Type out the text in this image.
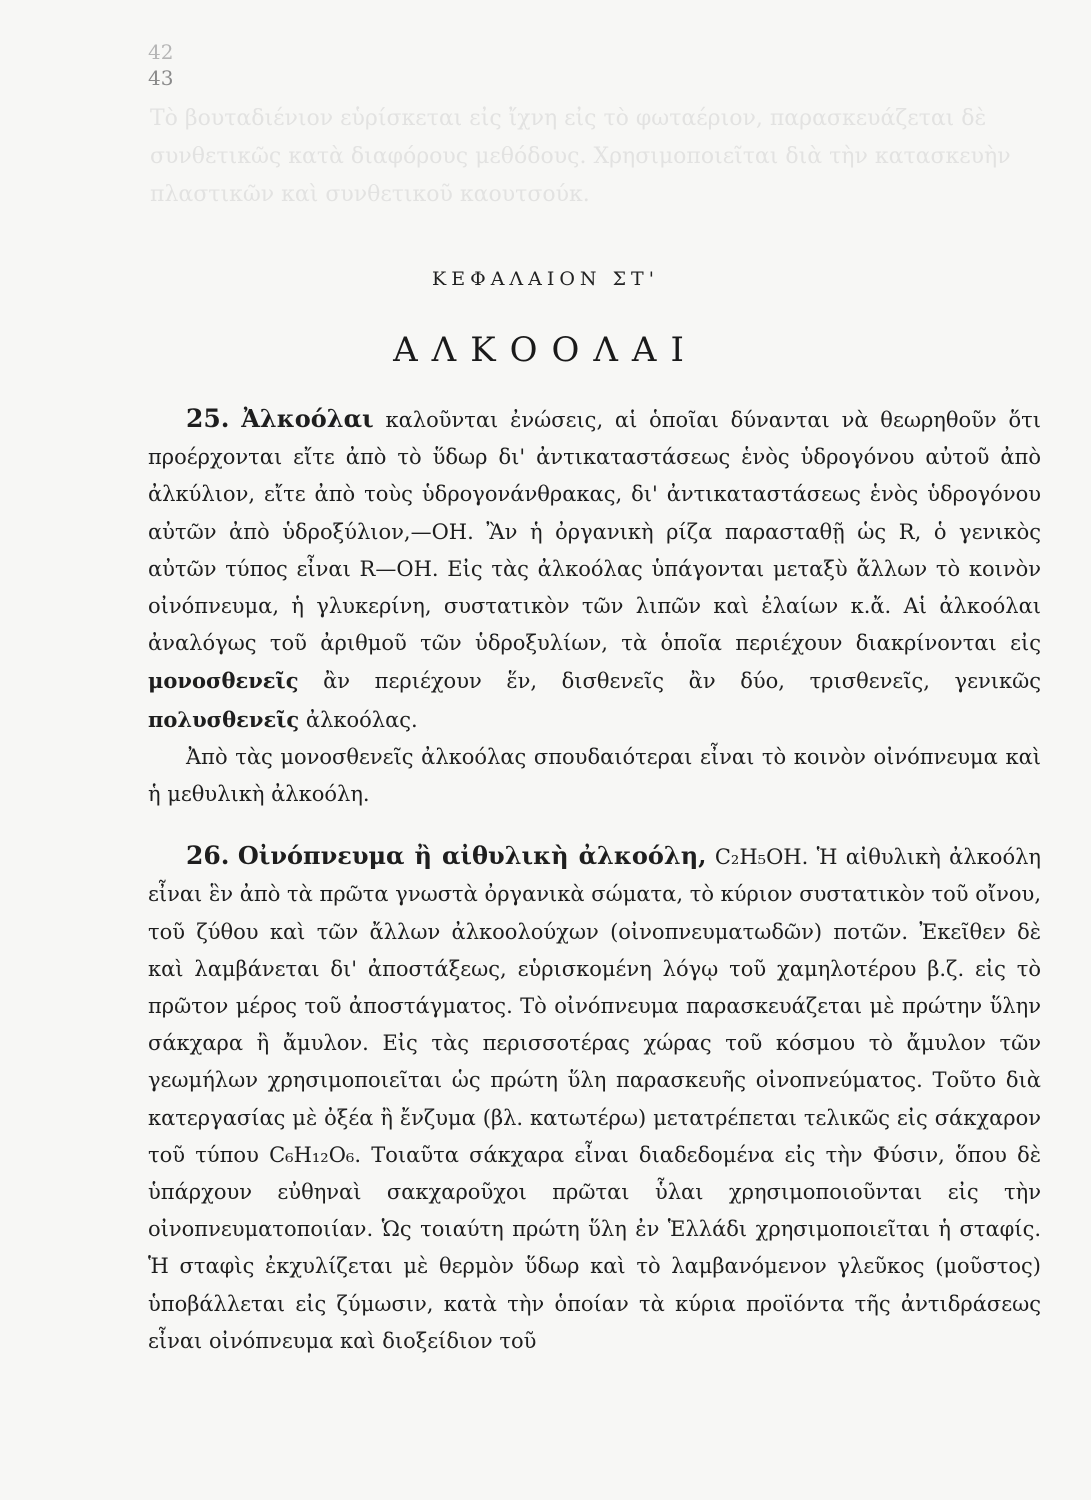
42
43
Τὸ βουταδιένιον εὑρίσκεται εἰς ἴχνη εἰς τὸ φωταέριον, παρασκευάζεται δὲ συνθετικῶς κατὰ διαφόρους μεθόδους. Χρησιμοποιεῖται διὰ τὴν κατασκευὴν πλαστικῶν καὶ συνθετικοῦ καουτσούκ.
ΚΕΦΑΛΑΙΟΝ ΣΤ'
ΑΛΚΟΟΛΑΙ

25. Ἀλκοόλαι καλοῦνται ἐνώσεις, αἱ ὁποῖαι δύνανται νὰ θεωρηθοῦν ὅτι προέρχονται εἴτε ἀπὸ τὸ ὕδωρ δι' ἀντικαταστάσεως ἑνὸς ὑδρογόνου αὐτοῦ ἀπὸ ἀλκύλιον, εἴτε ἀπὸ τοὺς ὑδρογονάνθρακας, δι' ἀντικαταστάσεως ἑνὸς ὑδρογόνου αὐτῶν ἀπὸ ὑδροξύλιον,—OH. Ἂν ἡ ὀργανικὴ ρίζα παρασταθῇ ὡς R, ὁ γενικὸς αὐτῶν τύπος εἶναι R—OH. Εἰς τὰς ἀλκοόλας ὑπάγονται μεταξὺ ἄλλων τὸ κοινὸν οἰνόπνευμα, ἡ γλυκερίνη, συστατικὸν τῶν λιπῶν καὶ ἐλαίων κ.ἄ. Αἱ ἀλκοόλαι ἀναλόγως τοῦ ἀριθμοῦ τῶν ὑδροξυλίων, τὰ ὁποῖα περιέχουν διακρίνονται εἰς μονοσθενεῖς ἂν περιέχουν ἕν, δισθενεῖς ἂν δύο, τρισθενεῖς, γενικῶς πολυσθενεῖς ἀλκοόλας.

Ἀπὸ τὰς μονοσθενεῖς ἀλκοόλας σπουδαιότεραι εἶναι τὸ κοινὸν οἰνόπνευμα καὶ ἡ μεθυλικὴ ἀλκοόλη.

26. Οἰνόπνευμα ἢ αἰθυλικὴ ἀλκοόλη, C₂H₅OH. Ἡ αἰθυλικὴ ἀλκοόλη εἶναι ἓν ἀπὸ τὰ πρῶτα γνωστὰ ὀργανικὰ σώματα, τὸ κύριον συστατικὸν τοῦ οἴνου, τοῦ ζύθου καὶ τῶν ἄλλων ἀλκοολούχων (οἰνοπνευματωδῶν) ποτῶν. Ἐκεῖθεν δὲ καὶ λαμβάνεται δι' ἀποστάξεως, εὑρισκομένη λόγῳ τοῦ χαμηλοτέρου β.ζ. εἰς τὸ πρῶτον μέρος τοῦ ἀποστάγματος. Τὸ οἰνόπνευμα παρασκευάζεται μὲ πρώτην ὕλην σάκχαρα ἢ ἄμυλον. Εἰς τὰς περισσοτέρας χώρας τοῦ κόσμου τὸ ἄμυλον τῶν γεωμήλων χρησιμοποιεῖται ὡς πρώτη ὕλη παρασκευῆς οἰνοπνεύματος. Τοῦτο διὰ κατεργασίας μὲ ὀξέα ἢ ἔνζυμα (βλ. κατωτέρω) μετατρέπεται τελικῶς εἰς σάκχαρον τοῦ τύπου C₆H₁₂O₆. Τοιαῦτα σάκχαρα εἶναι διαδεδομένα εἰς τὴν Φύσιν, ὅπου δὲ ὑπάρχουν εὐθηναὶ σακχαροῦχοι πρῶται ὗλαι χρησιμοποιοῦνται εἰς τὴν οἰνοπνευματοποιίαν. Ὡς τοιαύτη πρώτη ὕλη ἐν Ἑλλάδι χρησιμοποιεῖται ἡ σταφίς. Ἡ σταφὶς ἐκχυλίζεται μὲ θερμὸν ὕδωρ καὶ τὸ λαμβανόμενον γλεῦκος (μοῦστος) ὑποβάλλεται εἰς ζύμωσιν, κατὰ τὴν ὁποίαν τὰ κύρια προϊόντα τῆς ἀντιδράσεως εἶναι οἰνόπνευμα καὶ διοξείδιον τοῦ
